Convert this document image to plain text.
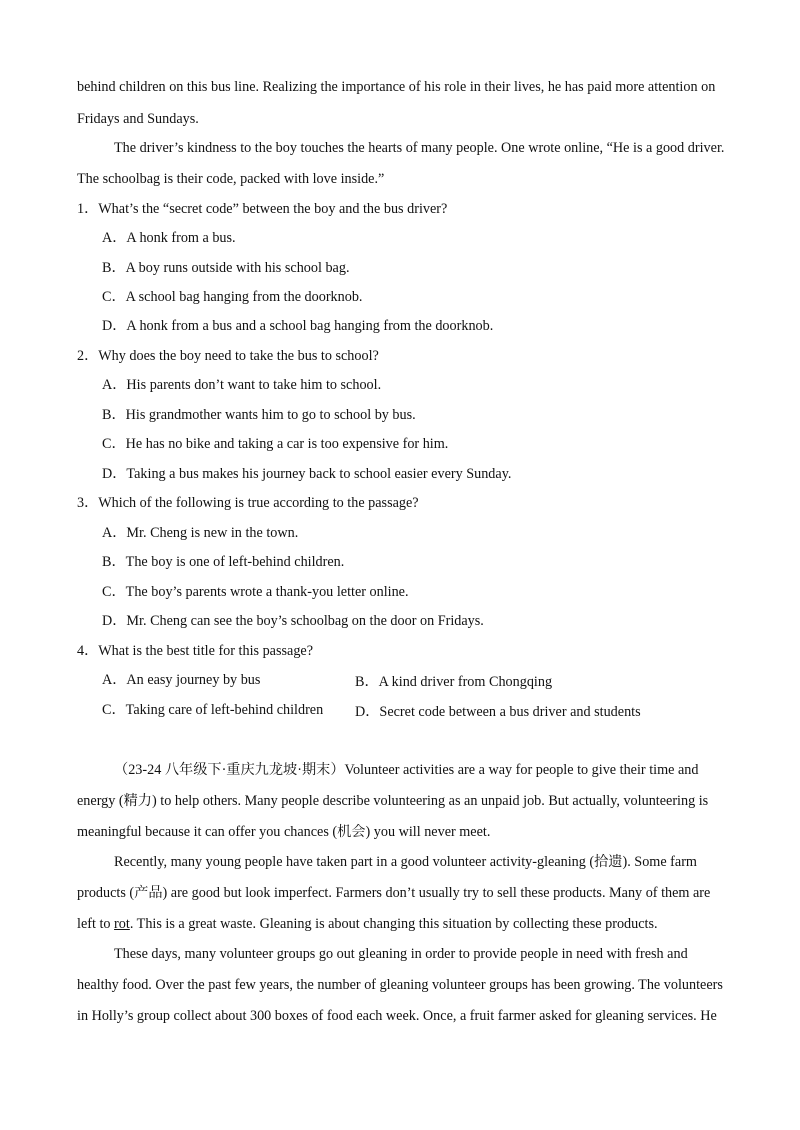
behind children on this bus line. Realizing the importance of his role in their lives, he has paid more attention on
Fridays and Sundays.
The driver’s kindness to the boy touches the hearts of many people. One wrote online, “He is a good driver.
The schoolbag is their code, packed with love inside.”
1．What’s the “secret code” between the boy and the bus driver?
A．A honk from a bus.
B．A boy runs outside with his school bag.
C．A school bag hanging from the doorknob.
D．A honk from a bus and a school bag hanging from the doorknob.
2．Why does the boy need to take the bus to school?
A．His parents don’t want to take him to school.
B．His grandmother wants him to go to school by bus.
C．He has no bike and taking a car is too expensive for him.
D．Taking a bus makes his journey back to school easier every Sunday.
3．Which of the following is true according to the passage?
A．Mr. Cheng is new in the town.
B．The boy is one of left-behind children.
C．The boy’s parents wrote a thank-you letter online.
D．Mr. Cheng can see the boy’s schoolbag on the door on Fridays.
4．What is the best title for this passage?
A．An easy journey by bus	B．A kind driver from Chongqing
C．Taking care of left-behind children D．Secret code between a bus driver and students
（23-24 八年级下·重庆九龙坡·期末）Volunteer activities are a way for people to give their time and
energy (精力) to help others. Many people describe volunteering as an unpaid job. But actually, volunteering is
meaningful because it can offer you chances (机会) you will never meet.
Recently, many young people have taken part in a good volunteer activity-gleaning (拾遗). Some farm
products (产品) are good but look imperfect. Farmers don’t usually try to sell these products. Many of them are
left to rot. This is a great waste. Gleaning is about changing this situation by collecting these products.
These days, many volunteer groups go out gleaning in order to provide people in need with fresh and
healthy food. Over the past few years, the number of gleaning volunteer groups has been growing. The volunteers
in Holly’s group collect about 300 boxes of food each week. Once, a fruit farmer asked for gleaning services. He
